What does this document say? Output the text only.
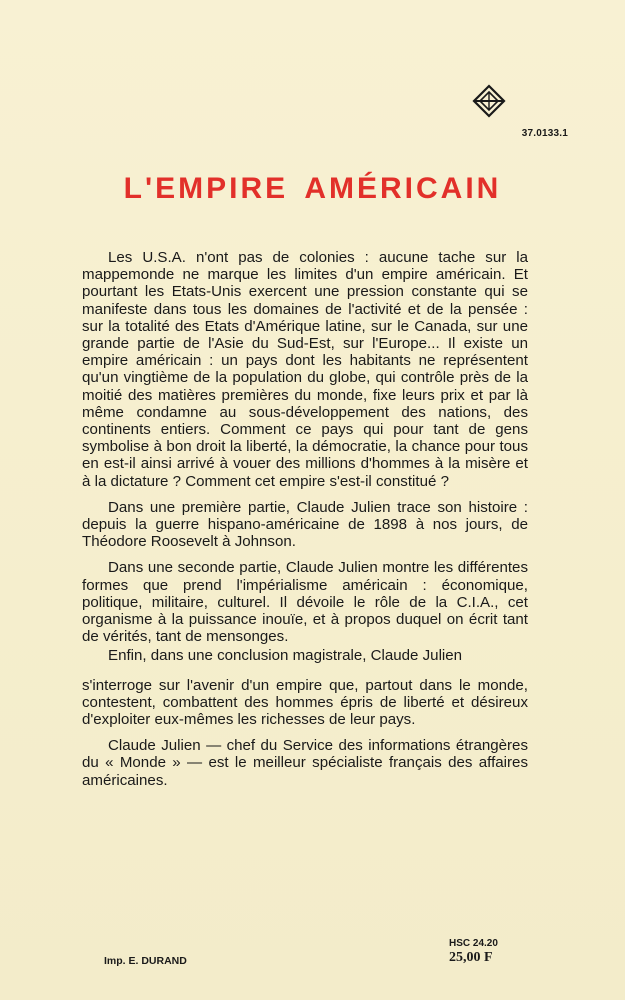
37.0133.1
L'EMPIRE AMÉRICAIN

Les U.S.A. n'ont pas de colonies : aucune tache sur la mappemonde ne marque les limites d'un empire américain. Et pourtant les Etats-Unis exercent une pression constante qui se manifeste dans tous les domaines de l'activité et de la pensée : sur la totalité des Etats d'Amérique latine, sur le Canada, sur une grande partie de l'Asie du Sud-Est, sur l'Europe... Il existe un empire américain : un pays dont les habitants ne représentent qu'un vingtième de la population du globe, qui contrôle près de la moitié des matières premières du monde, fixe leurs prix et par là même condamne au sous-développement des nations, des continents entiers. Comment ce pays qui pour tant de gens symbolise à bon droit la liberté, la démocratie, la chance pour tous en est-il ainsi arrivé à vouer des millions d'hommes à la misère et à la dictature ? Comment cet empire s'est-il constitué ?

Dans une première partie, Claude Julien trace son histoire : depuis la guerre hispano-américaine de 1898 à nos jours, de Théodore Roosevelt à Johnson.

Dans une seconde partie, Claude Julien montre les différentes formes que prend l'impérialisme américain : économique, politique, militaire, culturel. Il dévoile le rôle de la C.I.A., cet organisme à la puissance inouïe, et à propos duquel on écrit tant de vérités, tant de mensonges.

Enfin, dans une conclusion magistrale, Claude Julien

s'interroge sur l'avenir d'un empire que, partout dans le monde, contestent, combattent des hommes épris de liberté et désireux d'exploiter eux-mêmes les richesses de leur pays.

Claude Julien — chef du Service des informations étrangères du « Monde » — est le meilleur spécialiste français des affaires américaines.

Imp. E. DURAND
HSC 24.20
25,00 F
